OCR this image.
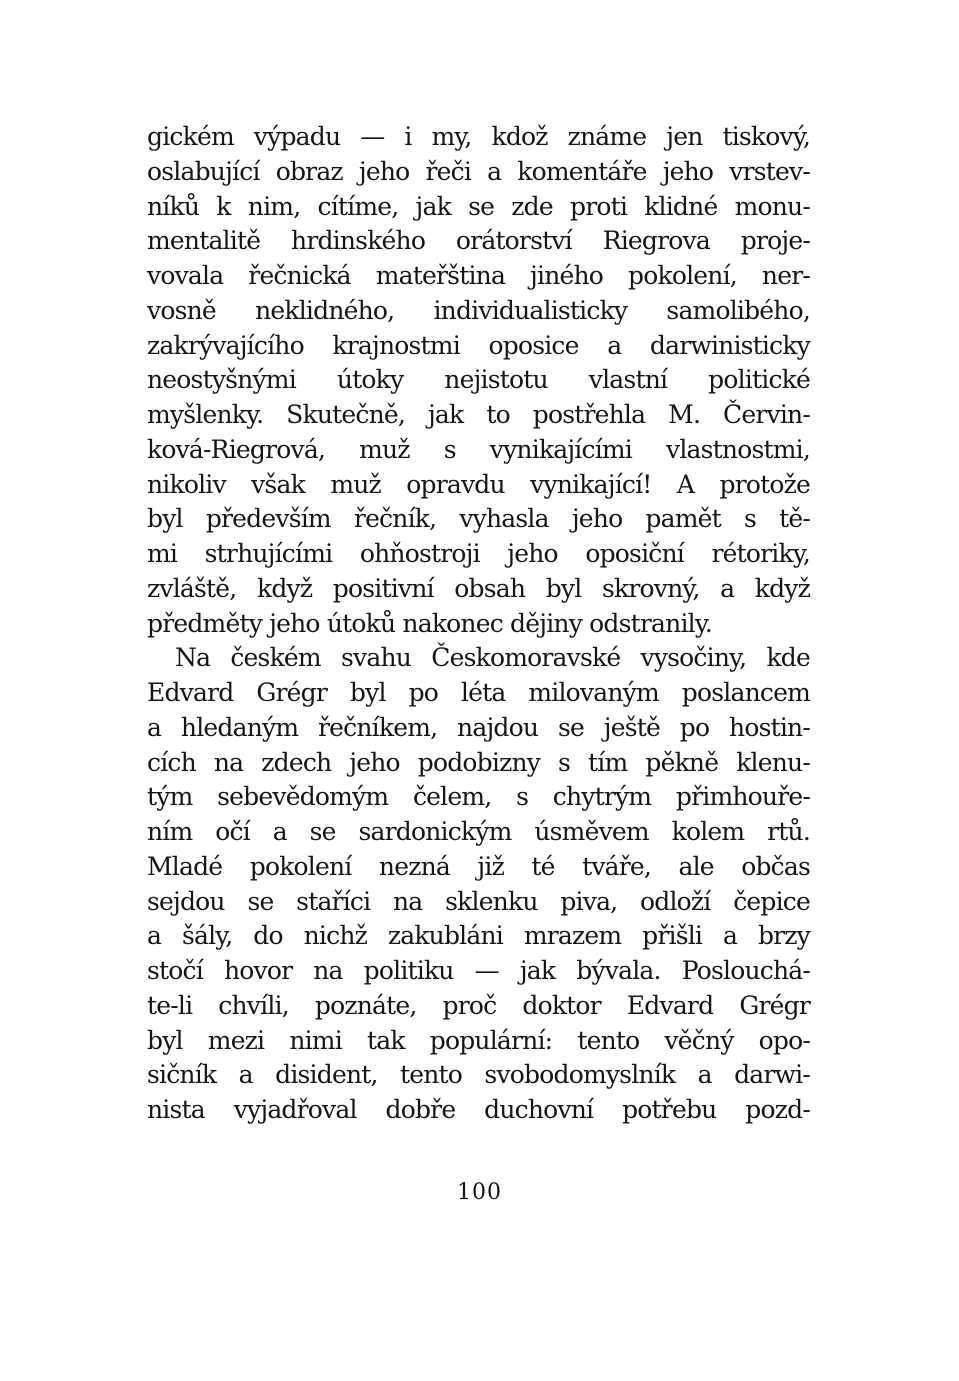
gickém výpadu — i my, kdož známe jen tiskový,
oslabující obraz jeho řeči a komentáře jeho vrstev-
níků k nim, cítíme, jak se zde proti klidné monu-
mentalitě hrdinského orátorství Riegrova proje-
vovala řečnická mateřština jiného pokolení, ner-
vosně neklidného, individualisticky samolibého,
zakrývajícího krajnostmi oposice a darwinisticky
neostyšnými útoky nejistotu vlastní politické
myšlenky. Skutečně, jak to postřehla M. Červin-
ková-Riegrová, muž s vynikajícími vlastnostmi,
nikoliv však muž opravdu vynikající! A protože
byl především řečník, vyhasla jeho pamět s tě-
mi strhujícími ohňostroji jeho oposiční rétoriky,
zvláště, když positivní obsah byl skrovný, a když
předměty jeho útoků nakonec dějiny odstranily.
Na českém svahu Českomoravské vysočiny, kde
Edvard Grégr byl po léta milovaným poslancem
a hledaným řečníkem, najdou se ještě po hostin-
cích na zdech jeho podobizny s tím pěkně klenu-
tým sebevědomým čelem, s chytrým přimhouře-
ním očí a se sardonickým úsměvem kolem rtů.
Mladé pokolení nezná již té tváře, ale občas
sejdou se staříci na sklenku piva, odloží čepice
a šály, do nichž zakubláni mrazem přišli a brzy
stočí hovor na politiku — jak bývala. Poslouchá-
te-li chvíli, poznáte, proč doktor Edvard Grégr
byl mezi nimi tak populární: tento věčný opo-
sičník a disident, tento svobodomyslník a darwi-
nista vyjadřoval dobře duchovní potřebu pozd-
100
